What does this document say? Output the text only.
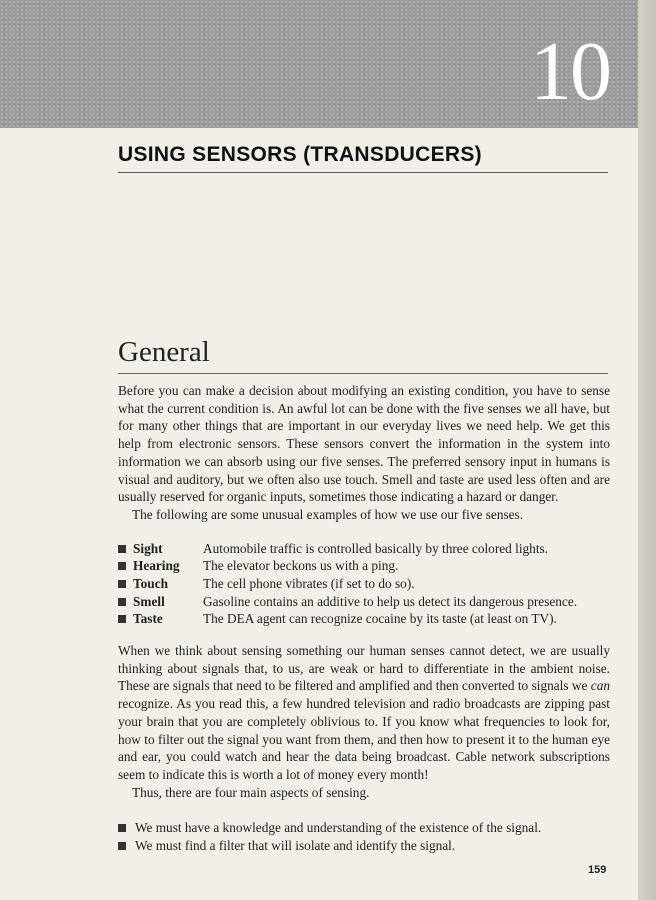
10
USING SENSORS (TRANSDUCERS)
General

Before you can make a decision about modifying an existing condition, you have to sense what the current condition is. An awful lot can be done with the five senses we all have, but for many other things that are important in our everyday lives we need help. We get this help from electronic sensors. These sensors convert the information in the system into information we can absorb using our five senses. The preferred sensory input in humans is visual and auditory, but we often also use touch. Smell and taste are used less often and are usually reserved for organic inputs, sometimes those indicating a hazard or danger.

The following are some unusual examples of how we use our five senses.

Sight	Automobile traffic is controlled basically by three colored lights.
Hearing	The elevator beckons us with a ping.
Touch	The cell phone vibrates (if set to do so).
Smell	Gasoline contains an additive to help us detect its dangerous presence.
Taste	The DEA agent can recognize cocaine by its taste (at least on TV).

When we think about sensing something our human senses cannot detect, we are usually thinking about signals that, to us, are weak or hard to differentiate in the ambient noise. These are signals that need to be filtered and amplified and then converted to signals we can recognize. As you read this, a few hundred television and radio broadcasts are zipping past your brain that you are completely oblivious to. If you know what frequencies to look for, how to filter out the signal you want from them, and then how to present it to the human eye and ear, you could watch and hear the data being broadcast. Cable network subscriptions seem to indicate this is worth a lot of money every month!

Thus, there are four main aspects of sensing.

We must have a knowledge and understanding of the existence of the signal.
We must find a filter that will isolate and identify the signal.
159
